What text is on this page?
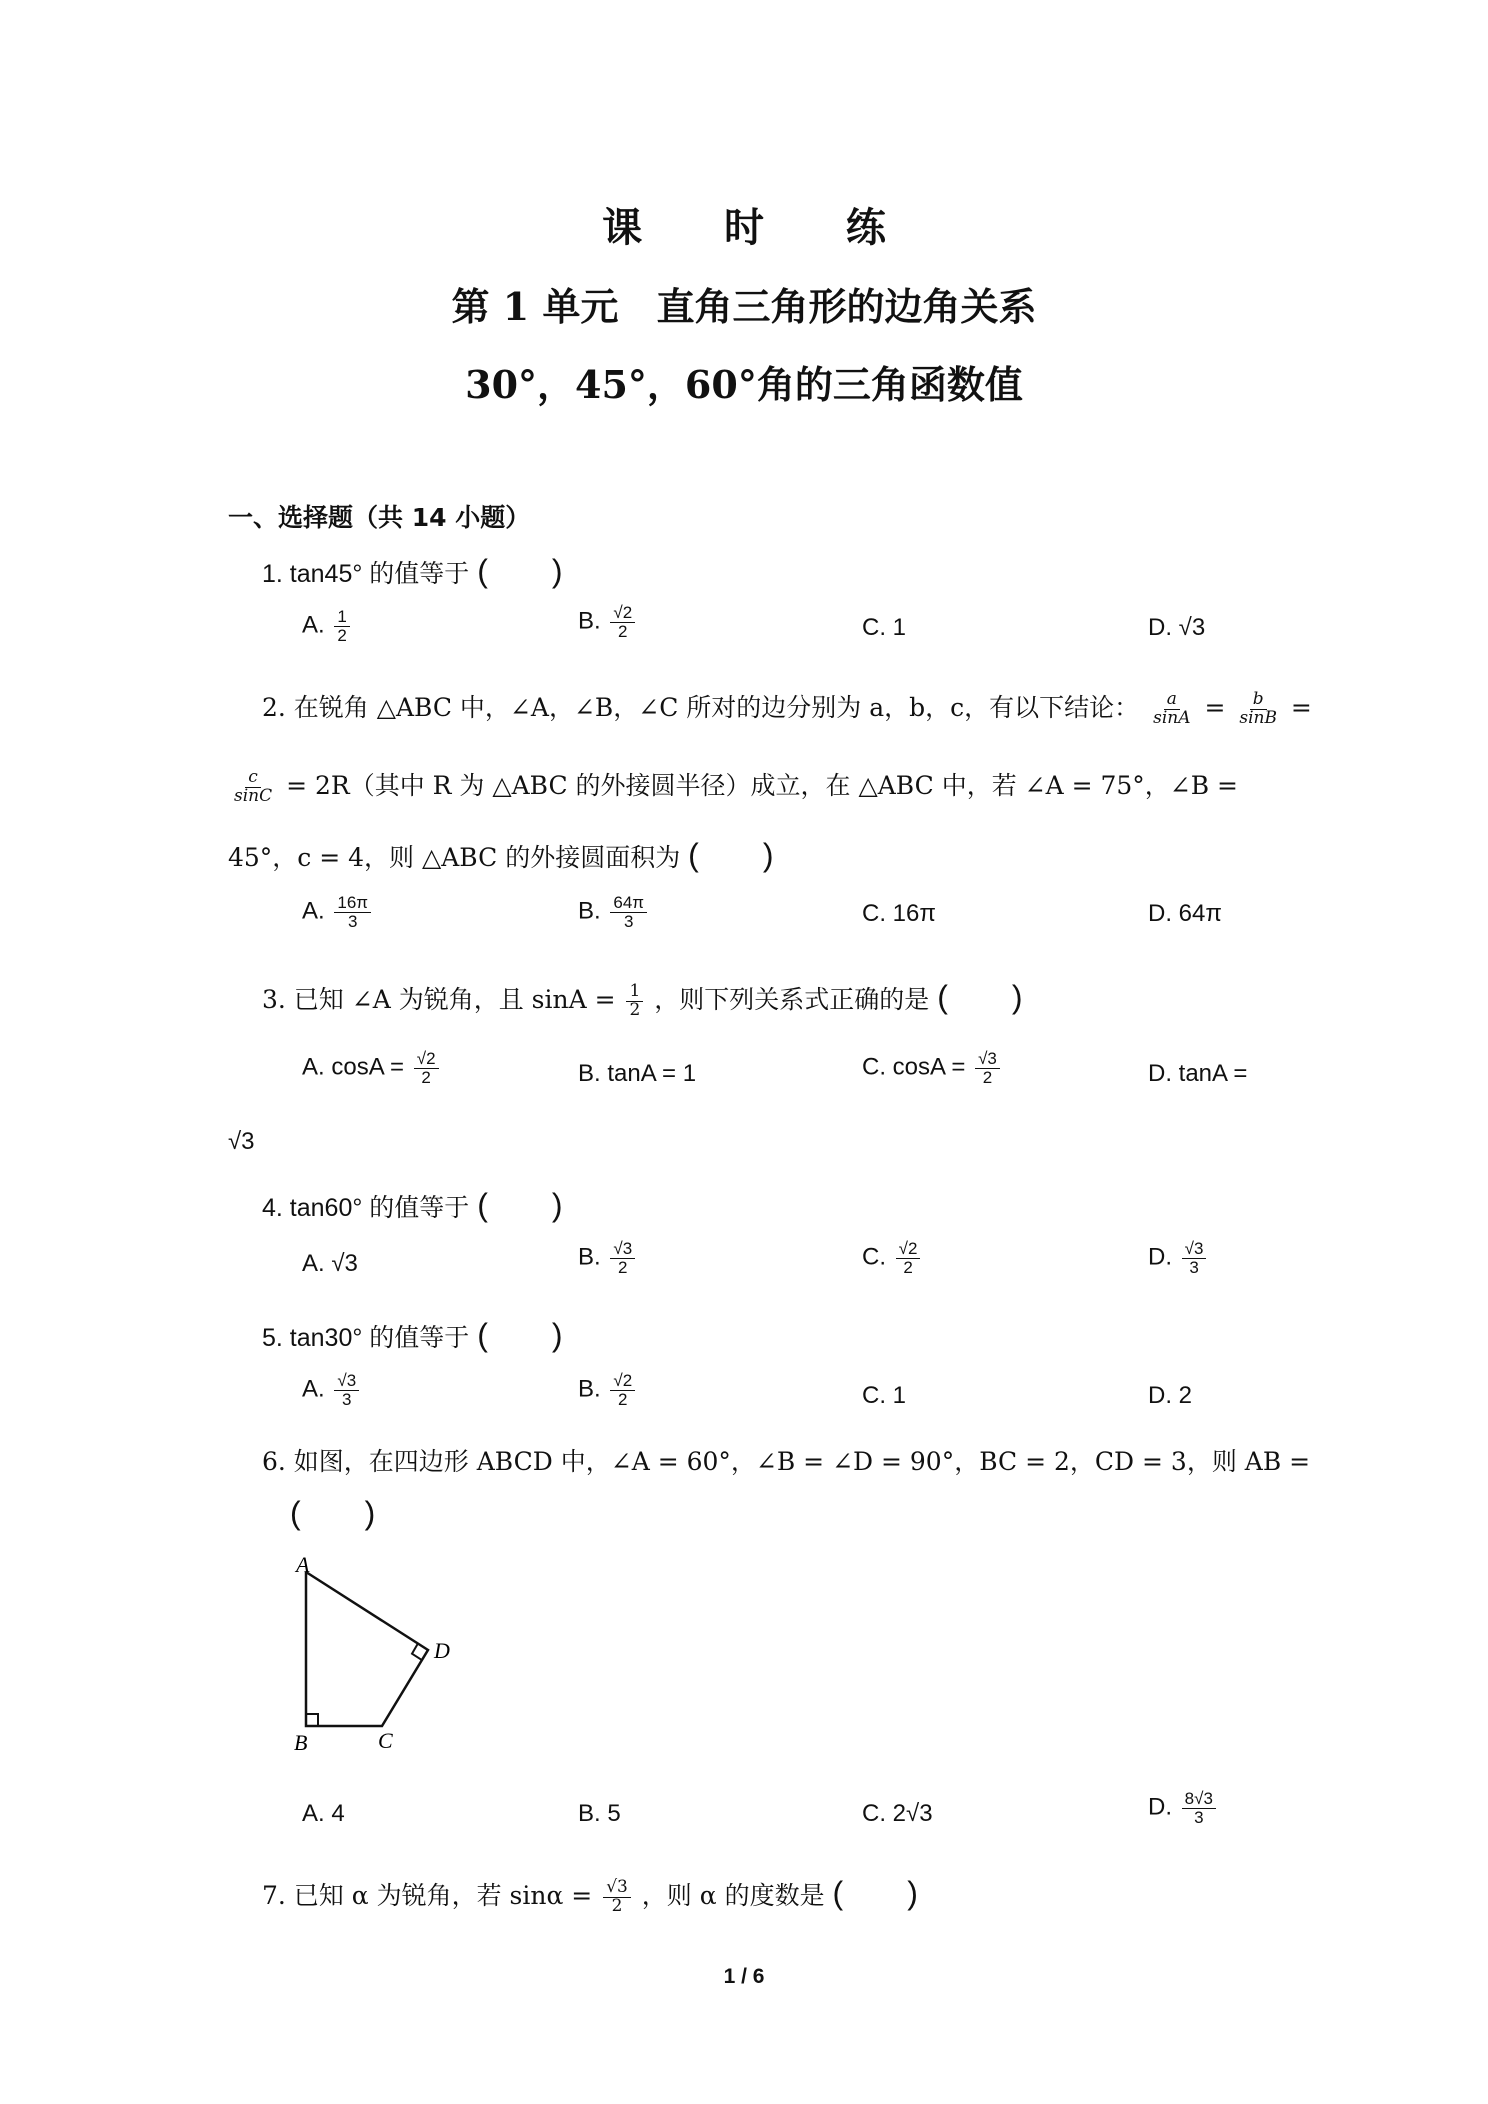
课 时 练
第 1 单元　直角三角形的边角关系
30°，45°，60°角的三角函数值
一、选择题（共 14 小题）
1. tan45° 的值等于 (　　)
A. $\frac{1}{2}$	B. $\frac{√2}{2}$	C. 1	D. √3
2. 在锐角 △ABC 中，∠A，∠B，∠C 所对的边分别为 a，b，c，有以下结论： $\frac{a}{\sin A} = \frac{b}{\sin B}$ =
$\frac{c}{\sin C} = 2R$（其中 R 为 △ABC 的外接圆半径）成立，在 △ABC 中，若 ∠A = 75°，∠B =
45°，c = 4，则 △ABC 的外接圆面积为 (　　)
A. $\frac{16\pi}{3}$	B. $\frac{64\pi}{3}$	C. 16π	D. 64π
3. 已知 ∠A 为锐角，且 $\sin A = \frac{1}{2}$ ，则下列关系式正确的是 (　　)
A. $\cos A = \frac{√2}{2}$	B. tanA = 1	C. $\cos A = \frac{√3}{2}$	D. tanA =
√3
4. tan60° 的值等于 (　　)
A. √3	B. $\frac{√3}{2}$	C. $\frac{√2}{2}$	D. $\frac{√3}{3}$
5. tan30° 的值等于 (　　)
A. $\frac{√3}{3}$	B. $\frac{√2}{2}$	C. 1	D. 2
6. 如图，在四边形 ABCD 中，∠A = 60°，∠B = ∠D = 90°，BC = 2，CD = 3，则 AB =
(　　)
A
B	C
D
A. 4	B. 5	C. 2√3	D. $\frac{8√3}{3}$
7. 已知 α 为锐角，若 $\sin\alpha = \frac{√3}{2}$ ，则 α 的度数是 (　　)
1 / 6
